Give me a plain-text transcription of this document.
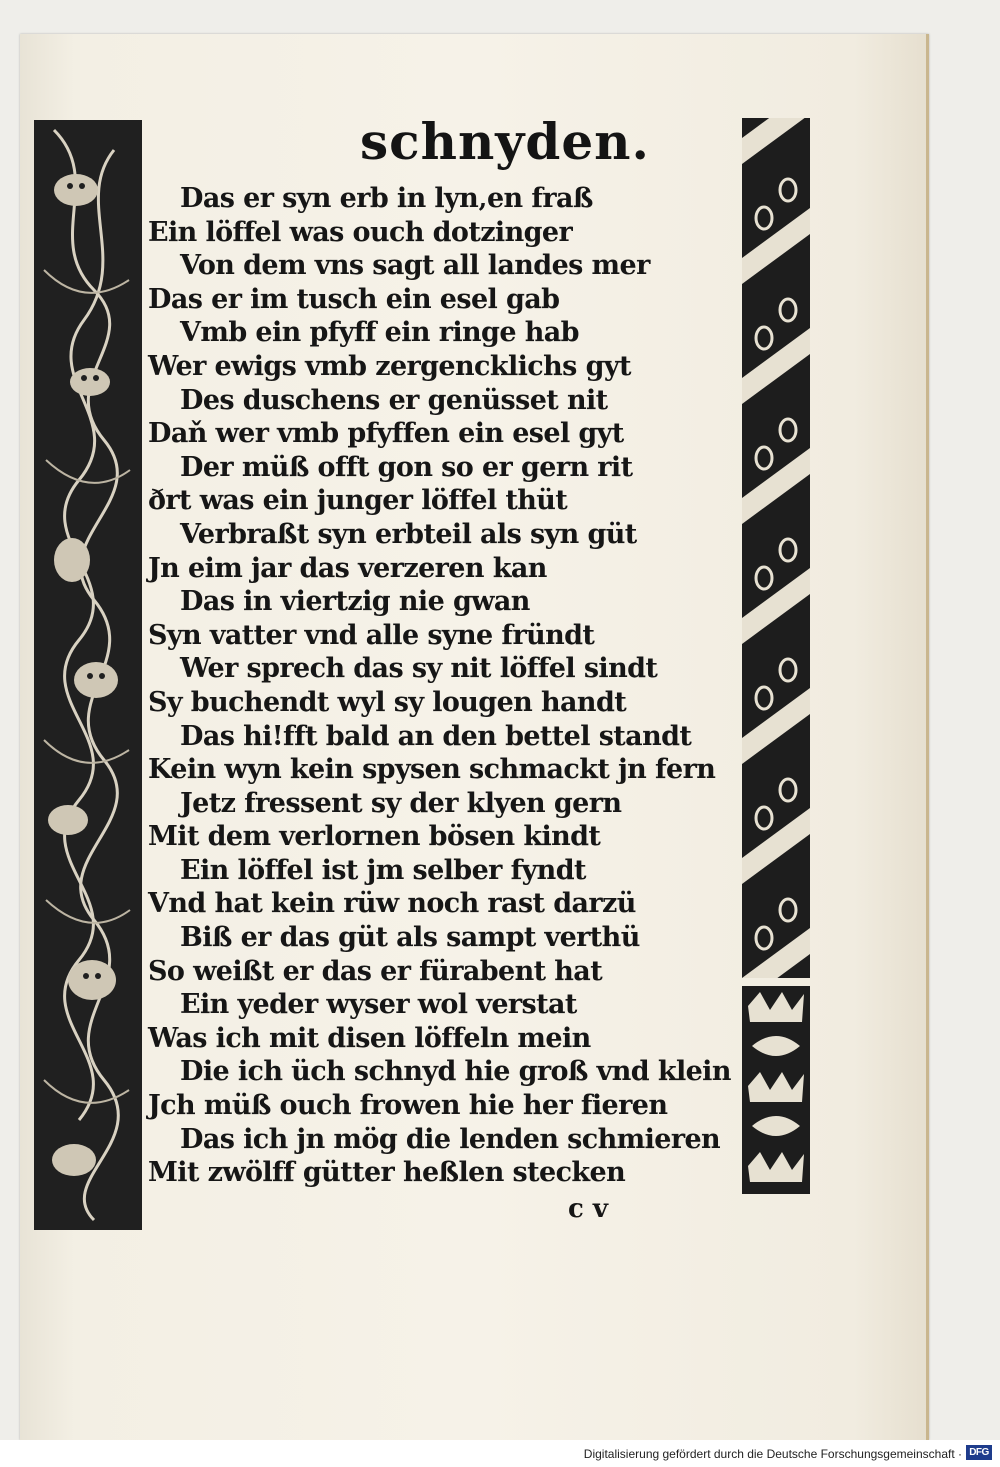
schnyden.
Das er syn erb in lyn‚en fraß
Ein löffel was ouch dotzinger
Von dem vns sagt all landes mer
Das er im tusch ein esel gab
Vmb ein pfyff ein ringe hab
Wer ewigs vmb zergencklichs gyt
Des duschens er genüsset nit
Daň wer vmb pfyffen ein esel gyt
Der müß offt gon so er gern rit
ðrt was ein junger löffel thüt
Verbraßt syn erbteil als syn güt
Jn eim jar das verzeren kan
Das in viertzig nie gwan
Syn vatter vnd alle syne fründt
Wer sprech das sy nit löffel sindt
Sy buchendt wyl sy lougen handt
Das hi!fft bald an den bettel standt
Kein wyn kein spysen schmackt jn fern
Jetz fressent sy der klyen gern
Mit dem verlornen bösen kindt
Ein löffel ist jm selber fyndt
Vnd hat kein rüw noch rast darzü
Biß er das güt als sampt verthü
So weißt er das er fürabent hat
Ein yeder wyser wol verstat
Was ich mit disen löffeln mein
Die ich üch schnyd hie groß vnd klein
Jch müß ouch frowen hie her fieren
Das ich jn mög die lenden schmieren
Mit zwölff gütter heßlen stecken
c v
Digitalisierung gefördert durch die Deutsche Forschungsgemeinschaft · DFG
